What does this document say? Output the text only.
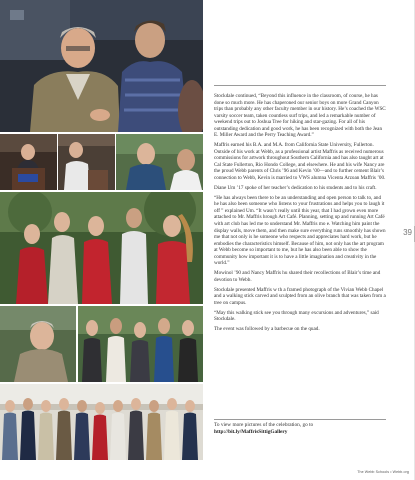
Stockdale continued, “Beyond this influence in the classroom, of course, he has done so much more. He has chaperoned our senior boys on more Grand Canyon trips than probably any other faculty member in our history. He’s coached the WSC varsity soccer team, taken countless surf trips, and led a remarkable number of weekend trips out to Joshua Tree for hiking and star-gazing. For all of his outstanding dedication and good work, he has been recognized with both the Jean E. Miller Award and the Perry Teaching Award.”

Maffris earned his B.A. and M.A. from California State University, Fullerton. Outside of his work at Webb, as a professional artist Maffris as received numerous commissions for artwork throughout Southern California and has also taught art at Cal State Fullerton, Rio Hondo College, and elsewhere. He and his wife Nancy are the proud Webb parents of Chris ’96 and Kevin ’00—and to further cement Blair’s connection to Webb, Kevin is married to VWS alumna Vicenta Arzoan Maffris ’00.

Diane Um ’17 spoke of her teacher’s dedication to his students and to his craft.

“He has always been there to be an understanding and open person to talk to, and he has also been someone who listens to your frustrations and helps you to laugh it off ” explained Um. “It wasn’t really until this year, that I had grown even more attached to Mr. Maffris hrough Art Café. Planning, setting up and running Art Café with art club has led me to understand Mr. Maffris mo e. Watching him paint the display walls, move them, and then make sure everything runs smoothly has shown me that not only is he someone who respects and appreciates hard work, but he embodies the characteristics himself. Because of him, not only has the art program at Webb become so important to me, but he has also been able to show the community how important it is to have a little imagination and creativity in the world.”

Mowinol ’90 and Nancy Maffris hu shared their recollections of Blair’s time and devotion to Webb.

Stockdale presented Maffris w th a framed photograph of the Vivian Webb Chapel and a walking stick carved and sculpted from an olive branch that was taken from a tree on campus.

“May this walking stick see you through many excursions and adventures,” said Stockdale.

The event was followed by a barbecue on the quad.

To view more pictures of the celebration, go to
http://bit.ly/MaffrisSittigGallery
39
The Webb Schools • Webb.org
